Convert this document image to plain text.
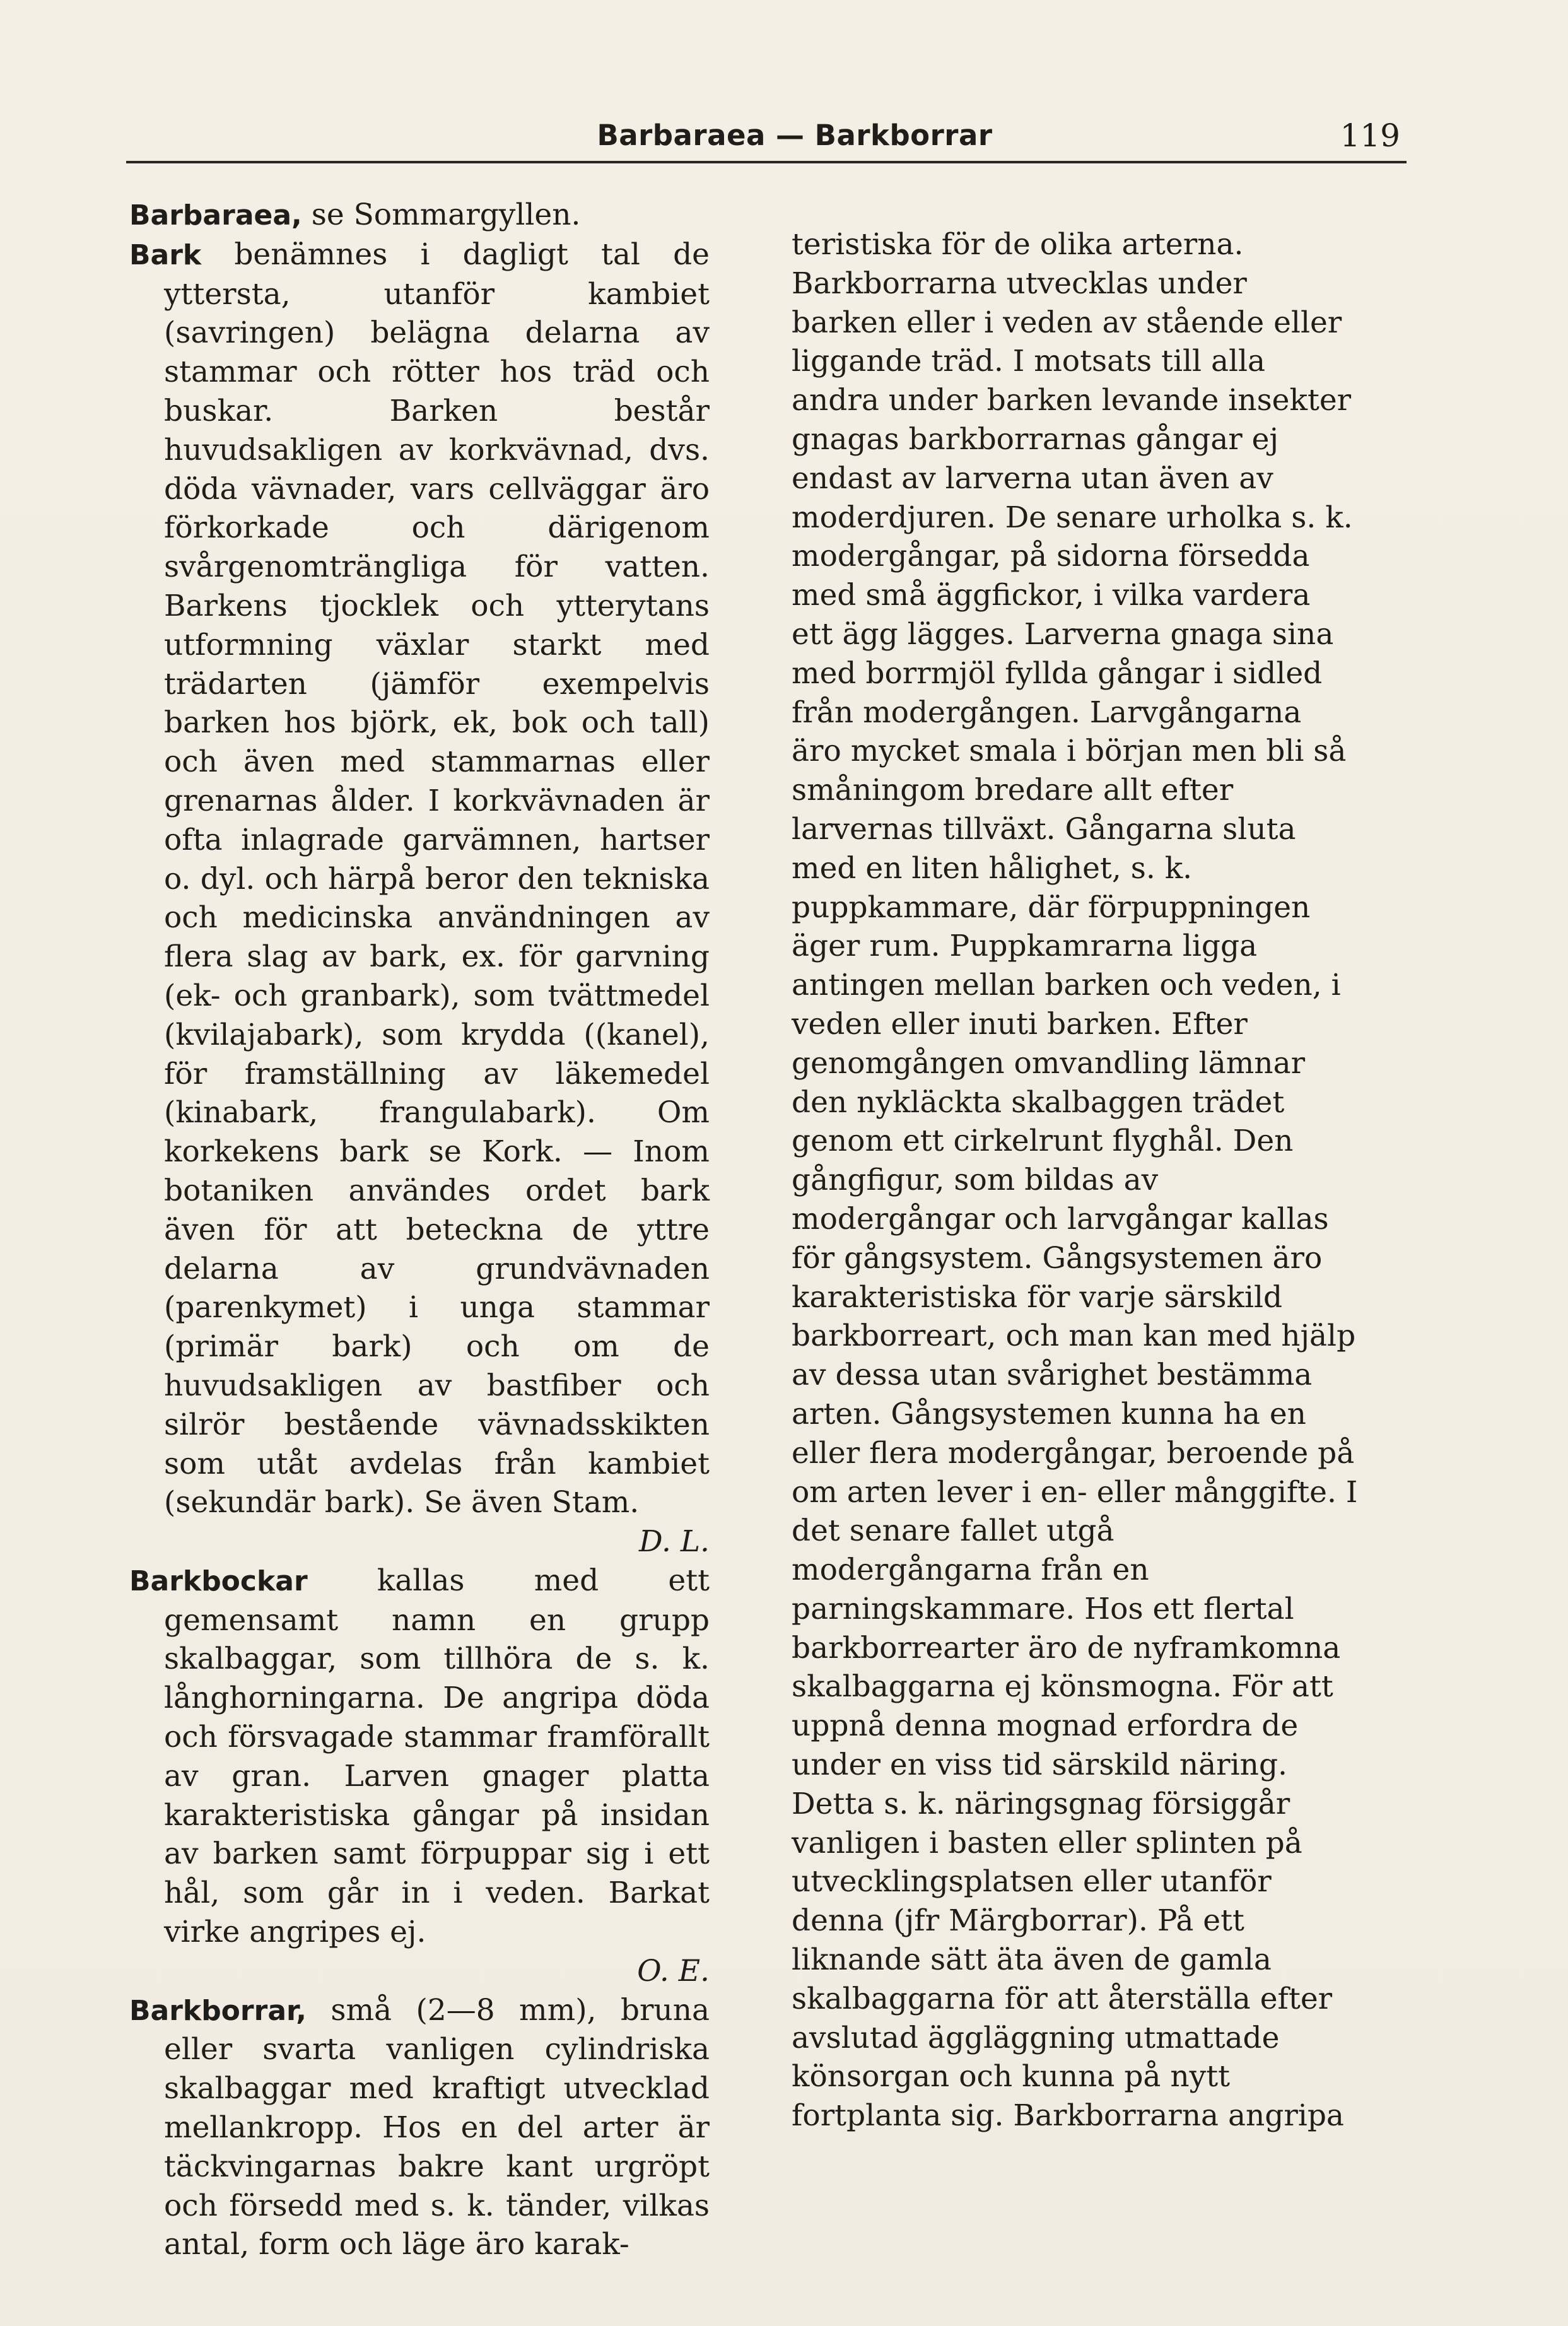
Barbaraea — Barkborrar	119

Barbaraea, se Sommargyllen.

Bark benämnes i dagligt tal de yttersta, utanför kambiet (savringen) belägna delarna av stammar och rötter hos träd och buskar. Barken består huvudsakligen av korkvävnad, dvs. döda vävnader, vars cellväggar äro förkorkade och därigenom svårgenomträngliga för vatten. Barkens tjocklek och ytterytans utformning växlar starkt med trädarten (jämför exempelvis barken hos björk, ek, bok och tall) och även med stammarnas eller grenarnas ålder. I korkvävnaden är ofta inlagrade garvämnen, hartser o. dyl. och härpå beror den tekniska och medicinska användningen av flera slag av bark, ex. för garvning (ek- och granbark), som tvättmedel (kvilajabark), som krydda ((kanel), för framställning av läkemedel (kinabark, frangulabark). Om korkekens bark se Kork. — Inom botaniken användes ordet bark även för att beteckna de yttre delarna av grundvävnaden (parenkymet) i unga stammar (primär bark) och om de huvudsakligen av bastfiber och silrör bestående vävnadsskikten som utåt avdelas från kambiet (sekundär bark). Se även Stam.

D. L.

Barkbockar kallas med ett gemensamt namn en grupp skalbaggar, som tillhöra de s. k. långhorningarna. De angripa döda och försvagade stammar framförallt av gran. Larven gnager platta karakteristiska gångar på insidan av barken samt förpuppar sig i ett hål, som går in i veden. Barkat virke angripes ej.

O. E.

Barkborrar, små (2—8 mm), bruna eller svarta vanligen cylindriska skalbaggar med kraftigt utvecklad mellankropp. Hos en del arter är täckvingarnas bakre kant urgröpt och försedd med s. k. tänder, vilkas antal, form och läge äro karak-

teristiska för de olika arterna. Barkborrarna utvecklas under barken eller i veden av stående eller liggande träd. I motsats till alla andra under barken levande insekter gnagas barkborrarnas gångar ej endast av larverna utan även av moderdjuren. De senare urholka s. k. modergångar, på sidorna försedda med små äggfickor, i vilka vardera ett ägg lägges. Larverna gnaga sina med borrmjöl fyllda gångar i sidled från modergången. Larvgångarna äro mycket smala i början men bli så småningom bredare allt efter larvernas tillväxt. Gångarna sluta med en liten hålighet, s. k. puppkammare, där förpuppningen äger rum. Puppkamrarna ligga antingen mellan barken och veden, i veden eller inuti barken. Efter genomgången omvandling lämnar den nykläckta skalbaggen trädet genom ett cirkelrunt flyghål. Den gångfigur, som bildas av modergångar och larvgångar kallas för gångsystem. Gångsystemen äro karakteristiska för varje särskild barkborreart, och man kan med hjälp av dessa utan svårighet bestämma arten. Gångsystemen kunna ha en eller flera modergångar, beroende på om arten lever i en- eller månggifte. I det senare fallet utgå modergångarna från en parningskammare. Hos ett flertal barkborrearter äro de nyframkomna skalbaggarna ej könsmogna. För att uppnå denna mognad erfordra de under en viss tid särskild näring. Detta s. k. näringsgnag försiggår vanligen i basten eller splinten på utvecklingsplatsen eller utanför denna (jfr Märgborrar). På ett liknande sätt äta även de gamla skalbaggarna för att återställa efter avslutad äggläggning utmattade könsorgan och kunna på nytt fortplanta sig. Barkborrarna angripa
